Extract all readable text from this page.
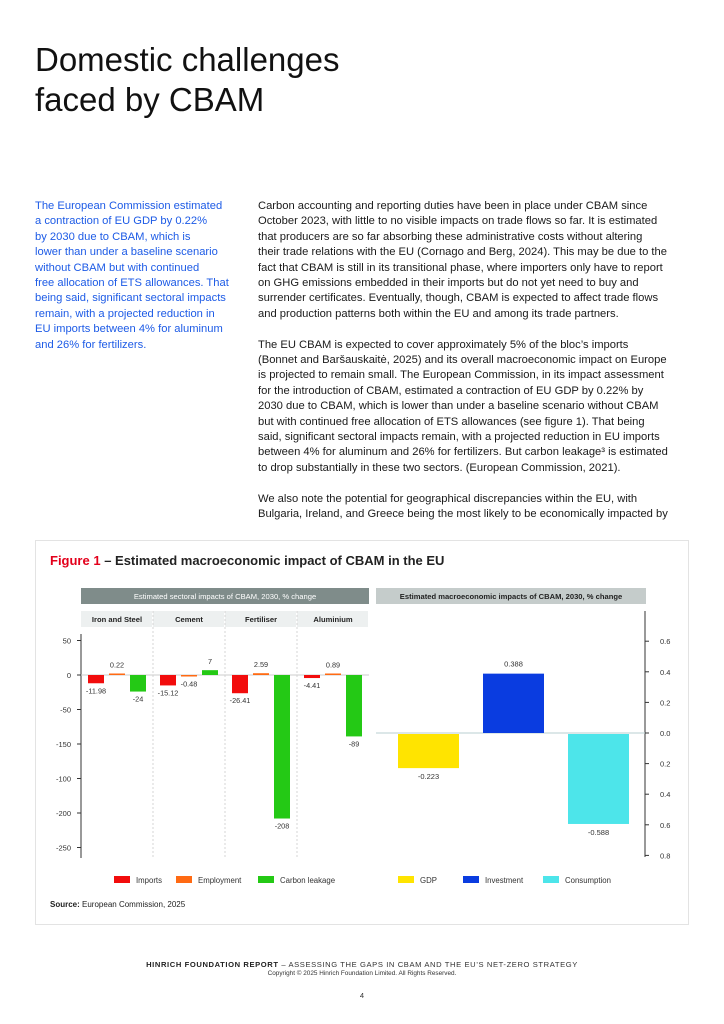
Domestic challenges
faced by CBAM
The European Commission estimated
a contraction of EU GDP by 0.22%
by 2030 due to CBAM, which is
lower than under a baseline scenario
without CBAM but with continued
free allocation of ETS allowances. That
being said, significant sectoral impacts
remain, with a projected reduction in
EU imports between 4% for aluminum
and 26% for fertilizers.
Carbon accounting and reporting duties have been in place under CBAM since
October 2023, with little to no visible impacts on trade flows so far. It is estimated
that producers are so far absorbing these administrative costs without altering
their trade relations with the EU (Cornago and Berg, 2024). This may be due to the
fact that CBAM is still in its transitional phase, where importers only have to report
on GHG emissions embedded in their imports but do not yet need to buy and
surrender certificates. Eventually, though, CBAM is expected to affect trade flows
and production patterns both within the EU and among its trade partners.
The EU CBAM is expected to cover approximately 5% of the bloc’s imports
(Bonnet and Baršauskaitė, 2025) and its overall macroeconomic impact on Europe
is projected to remain small. The European Commission, in its impact assessment
for the introduction of CBAM, estimated a contraction of EU GDP by 0.22% by
2030 due to CBAM, which is lower than under a baseline scenario without CBAM
but with continued free allocation of ETS allowances (see figure 1). That being
said, significant sectoral impacts remain, with a projected reduction in EU imports
between 4% for aluminum and 26% for fertilizers. But carbon leakage³ is estimated
to drop substantially in these two sectors. (European Commission, 2021).
We also note the potential for geographical discrepancies within the EU, with
Bulgaria, Ireland, and Greece being the most likely to be economically impacted by
Figure 1 – Estimated macroeconomic impact of CBAM in the EU
Estimated sectoral impacts of CBAM, 2030, % change
Iron and Steel	Cement	Fertiliser	Aluminium
50
0
-50
-150
-100
-200
-250
-11.98	-15.12
-26.41
-4.41
0.22
-0.48
2.59	0.89
-24
7
-208
-89
Imports	Employment	Carbon leakage
Estimated macroeconomic impacts of CBAM, 2030, % change
0.6
0.4
0.2
0.0
0.2
0.4
0.6
0.8
-0.223
0.388
-0.588
GDP	Investment	Consumption
Source: European Commission, 2025
HINRICH FOUNDATION REPORT – ASSESSING THE GAPS IN CBAM AND THE EU’S NET-ZERO STRATEGY
Copyright © 2025 Hinrich Foundation Limited. All Rights Reserved.
4
